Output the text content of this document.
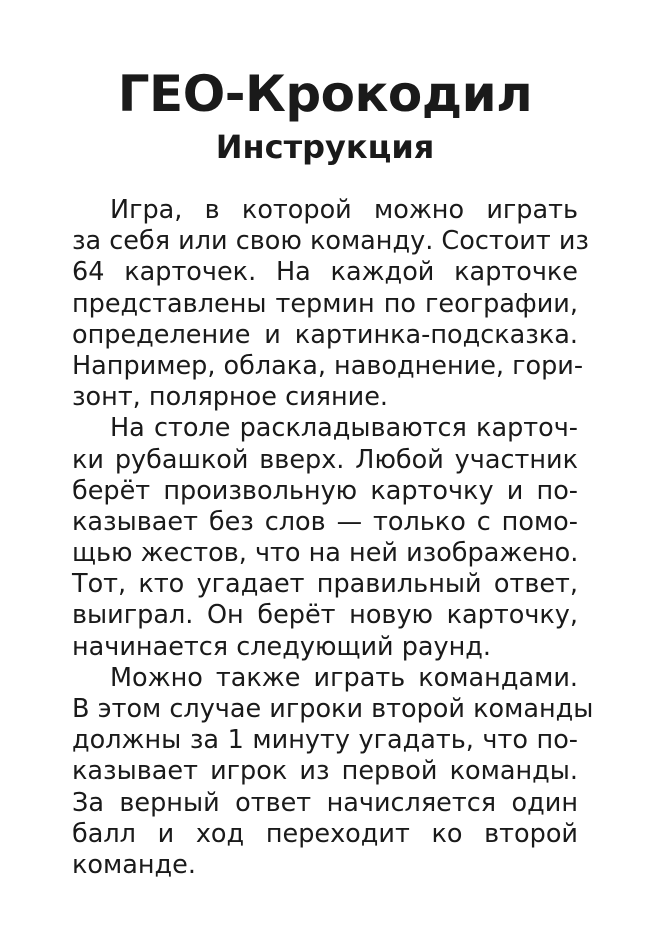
ГЕО-Крокодил
Инструкция
Игра, в которой можно играть
за себя или свою команду. Состоит из
64 карточек. На каждой карточке
представлены термин по географии,
определение и картинка-подсказка.
Например, облака, наводнение, гори-
зонт, полярное сияние.
На столе раскладываются карточ-
ки рубашкой вверх. Любой участник
берёт произвольную карточку и по-
казывает без слов — только с помо-
щью жестов, что на ней изображено.
Тот, кто угадает правильный ответ,
выиграл. Он берёт новую карточку,
начинается следующий раунд.
Можно также играть командами.
В этом случае игроки второй команды
должны за 1 минуту угадать, что по-
казывает игрок из первой команды.
За верный ответ начисляется один
балл и ход переходит ко второй
команде.
